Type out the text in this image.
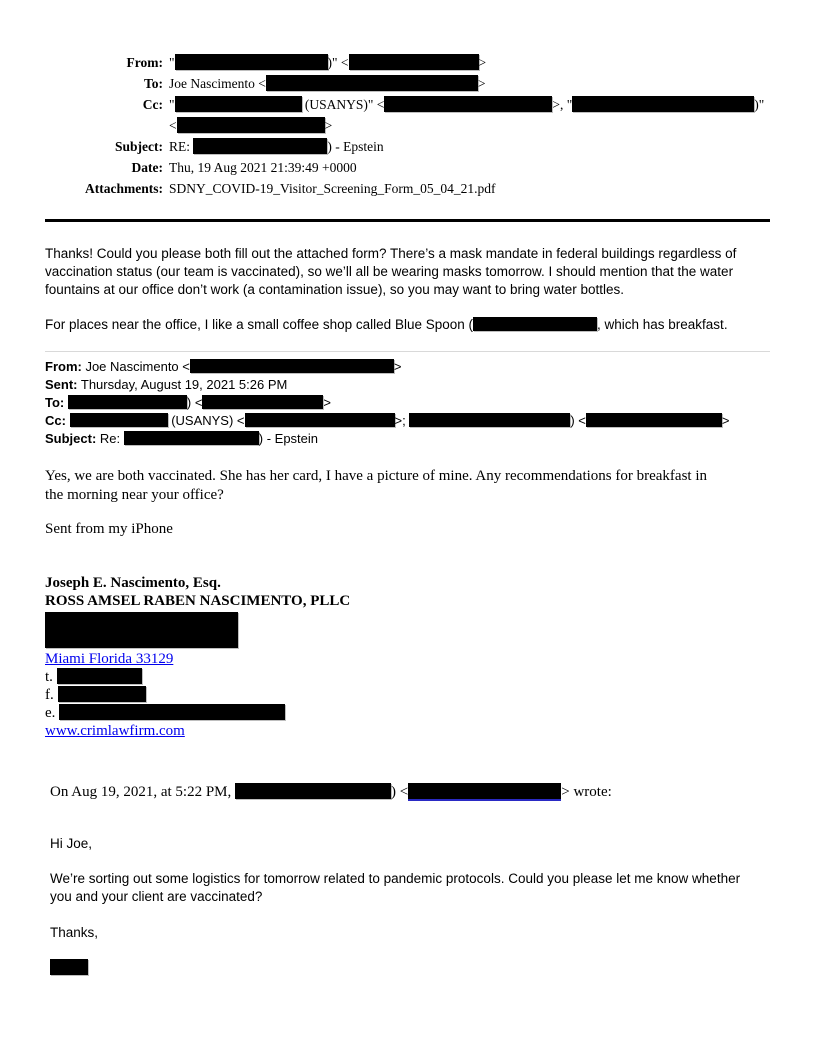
From: "	)" <	>
To: Joe Nascimento <	>
Cc: "	(USANYS)" <	>, "	)"
<	>
Subject: RE:	) - Epstein
Date: Thu, 19 Aug 2021 21:39:49 +0000
Attachments: SDNY_COVID-19_Visitor_Screening_Form_05_04_21.pdf
Thanks! Could you please both fill out the attached form? There’s a mask mandate in federal buildings regardless of
vaccination status (our team is vaccinated), so we’ll all be wearing masks tomorrow. I should mention that the water
fountains at our office don’t work (a contamination issue), so you may want to bring water bottles.
For places near the office, I like a small coffee shop called Blue Spoon (	, which has breakfast.
From: Joe Nascimento <	>
Sent: Thursday, August 19, 2021 5:26 PM
To:	) <	>
Cc:	(USANYS) <	>;	) <	>
Subject: Re:	) - Epstein
Yes, we are both vaccinated. She has her card, I have a picture of mine. Any recommendations for breakfast in
the morning near your office?
Sent from my iPhone
Joseph E. Nascimento, Esq.
ROSS AMSEL RABEN NASCIMENTO, PLLC
Miami Florida 33129
t.
f.
e.
www.crimlawfirm.com
On Aug 19, 2021, at 5:22 PM,	) <	> wrote:
Hi Joe,
We’re sorting out some logistics for tomorrow related to pandemic protocols. Could you please let me know whether
you and your client are vaccinated?
Thanks,
